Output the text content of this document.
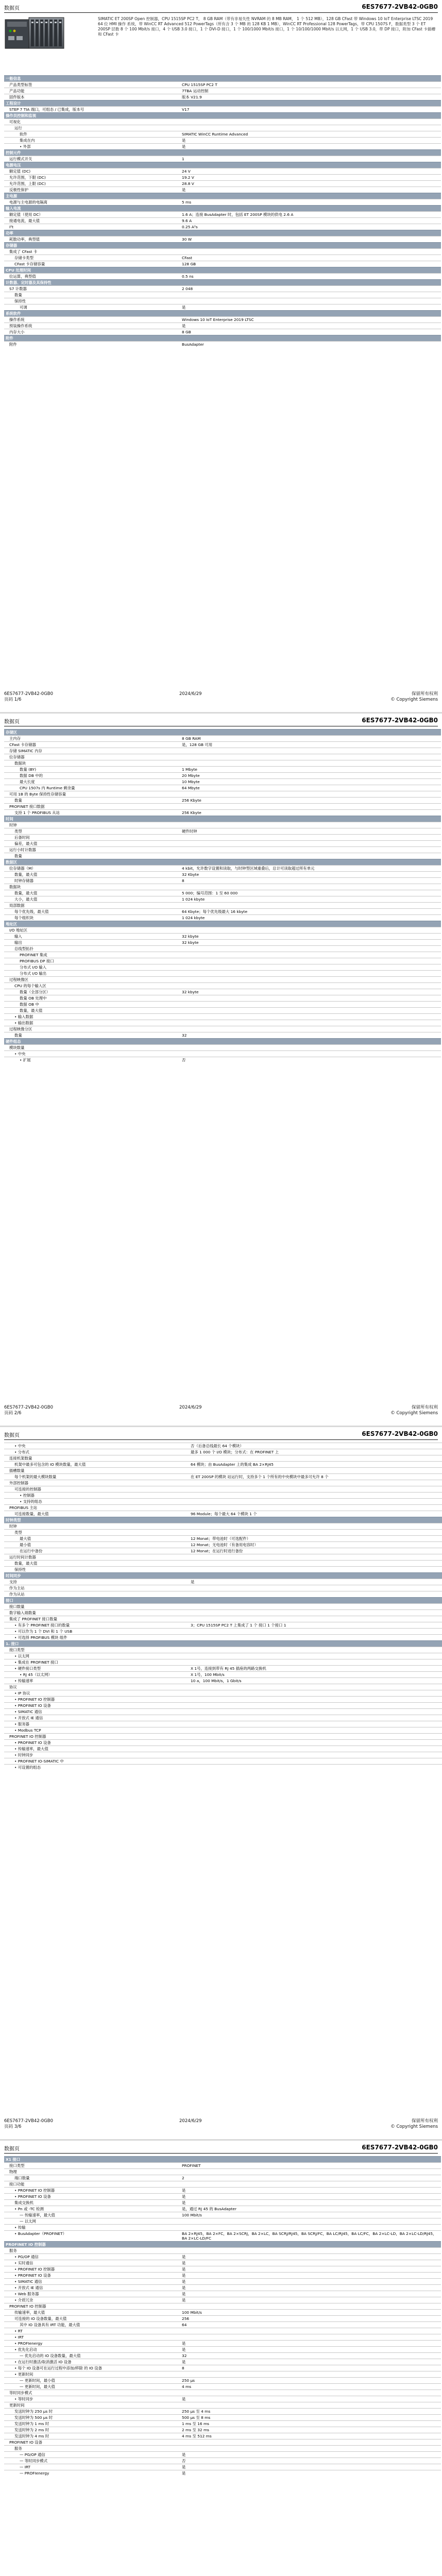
数据页	6ES7677-2VB42-0GB0
SIMATIC ET 200SP Open 控制器，CPU 1515SP PC2 T， 8 GB RAM（带有非易失性 NVRAM 的 8 MB RAM， 1 个 512 MB），128 GB CFast 带 Windows 10 IoT Enterprise LTSC 2019 64 位 HMI 操作 系统，带 WinCC RT Advanced 512 PowerTags（所有含 3 个 MB 的 128 KB 1 MB），WinCC RT Professional 128 PowerTags，带 CPU 1507S F，数据类型 3 个 ET 200SP 层数 8 个 100 Mbit/s 接口，4 个 USB 3.0 接口，1 个 DVI-D 接口，1 个 100/1000 Mbit/s 接口，1 个 10/100/1000 Mbit/s 以太网，1 个 USB 3.0，带 DP 接口，附加 CFast 卡插槽和 CFast 卡
一般信息	
产品类型标签	CPU 1515SP PC2 T
产品功能	7TBA 运动控制
固件版本	版本 V21.9
工程设计	
STEP 7 TIA 端口，可组态 / 已集成，版本号	V17
操作员控制和监视	
可视化	
运行	
软件	SIMATIC WinCC Runtime Advanced
集成在内	是
• 外部	是
控制元件	
运行模式开关	1
电源电压	
额定值 (DC)	24 V
允许范围，下限 (DC)	19.2 V
允许范围，上限 (DC)	28.8 V
反极性保护	是
主电源	
电源与主电源的电隔离	5 ms
输入电流	
额定值（使用 DC）	1.6 A；连接 BusAdapter 时，包括 ET 200SP 模块的供电 2.6 A
接通电流，最大值	9.6 A
I²t	0.25 A²s
功率	
耗散功率，典型值	30 W
存储器	
集成了 CFast 卡	
存储卡类型	CFast
CFast 卡存储容量	128 GB
CPU 处理时间	
位运算，典型值	0.5 ns
计数器、定时器及其保持性	
S7 计数器	2 048
数量	
保持性	
可调	是
系统软件	
操作系统	Windows 10 IoT Enterprise 2019 LTSC
预装操作系统	是
内存大小	8 GB
附件	
附件	BusAdapter
6ES7677-2VB42-0GB0
页码 1/6
2024/6/29	保留所有权利
© Copyright Siemens
数据页	6ES7677-2VB42-0GB0
存储区	
主内存	8 GB RAM
CFast 卡存储器	是，128 GB 可用
存储 SIMATIC 内存	
位存储器	
数据块	
数量 (BY)	1 Mbyte
数据 DB 中的	20 Mbyte
最大长度	10 Mbyte
CPU 1507s 内 Runtime 剩余量	64 Mbyte
可用 1B 的 Byte 保持性存储容量	
数量	256 Kbyte
PROFINET 接口数据	
支持 1 个 PROFIBUS 从站	256 Kbyte
时间	
时钟	
类型	硬件时钟
后备时间	
偏差，最大值	
运行小时计数器	
数量	
数据区	
位存储器（M）	4 kbit，允许数字设置和读取，与时钟型区域重叠后，总计可读取超过所有单元
数量，最大值	32 Kbyte
时钟存储器	8
数据块	
数量，最大值	5 000；编号范围：1 至 60 000
大小，最大值	1 024 kbyte
局部数据	
每个优先级，最大值	64 Kbyte；每个优先级最大 16 kbyte
每个组织块	1 024 kbyte
地址区	
I/O 地址区	
输入	32 kbyte
输出	32 kbyte
总线型拓扑	
PROFINET 集成	
PROFIBUS DP 接口	
分布式 I/O 输入	
分布式 I/O 输出	
过程映像区	
CPU 的每个输入区	
数量（全部分区）	32 kbyte
数量 OB 处理中	
数据 OB 中	
数量，最大值	
• 输入数据	
• 输出数据	
过程映像分区	
数量	32
硬件组态	
模块数量	
• 中央	
• 扩展	否
6ES7677-2VB42-0GB0
页码 2/6
2024/6/29	保留所有权利
© Copyright Siemens
数据页	6ES7677-2VB42-0GB0
• 中央	否（后备总线最长 64 个模块）
• 分布式	最多 1 000 个 I/O 模块；分布式：在 PROFINET 上
连接机架数量	
机架中最多可包含的 IO 模块数量，最大值	64 模块；由 BusAdapter 上的集成 BA 2×RJ45
插槽数量	
每个机架的最大模块数量	在 ET 200SP 的模块 站运行时，支持多个 1 个所有的中央模块中最多可允许 8 个
外部控制器	
可连接的控制器	
• 控制器	
• 支持的组态	
PROFIBUS 主站	
可连接数量，最大值	96 Module；每个最大 64 个模块 1 个
时钟类型	
时钟	
类型	
最大值	12 Monat；带电池时（可选配件）
最小值	12 Monat；无电池时（有备用电容时）
在运行中备份	12 Monat；在运行时进行备份
运行时间计数器	
数量，最大值	
保持性	
时间同步	
支持	是
作为主站	
作为从站	
接口	
接口数量	
数字输入端数量	
集成了 PROFINET 接口数量	
• 有多个 PROFINET 接口的数量	3；CPU 1515SP PC2 T 上集成了 1 个 接口 1 个接口 1
• 可以作为 1 个 DVI 和 1 个 USB	
• 可选择 PROFIBUS 模块 组件	
1. 接口	
接口类型	
• 以太网	
• 集成在 PROFINET 接口	
• 硬件接口类型	X 1号，连接到带有 RJ 45 插座的两路交换机
• RJ 45（以太网）	X 1号，100 Mbit/s
• 传输速率	10 a，100 Mbit/s，1 Gbit/s
协议	
• IP 协议	
• PROFINET IO 控制器	
• PROFINET IO 设备	
• SIMATIC 通信	
• 开放式 IE 通信	
• 服务器	
• Modbus TCP	
PROFINET IO 控制器	
• PROFINET IO 设备	
• 传输速率，最大值	
• 时钟同步	
• PROFINET IO-SIMATIC 中	
• 可设置的组态	
6ES7677-2VB42-0GB0
页码 3/6
2024/6/29	保留所有权利
© Copyright Siemens
数据页	6ES7677-2VB42-0GB0
X1 接口	
接口类型	PROFINET
物理	
端口数量	2
接口功能	
• PROFINET IO 控制器	是
• PROFINET IO 设备	是
集成交换机	是
• Pn 或 -TC 检测	是，通过 RJ 45 的 BusAdapter
— 传输速率，最大值	100 Mbit/s
— 以太网	
• 传输	
• BusAdapter（PROFINET）	BA 2×RJ45，BA 2×FC，BA 2×SCRJ，BA 2×LC，BA SCRJ/RJ45，BA SCRJ/FC，BA LC/RJ45，BA LC/FC，BA 2×LC-LD，BA 2×LC-LD/RJ45，BA 2×LC-LD/FC
PROFINET IO 控制器	
服务	
• PG/OP 通信	是
• 实时通信	是
• PROFINET IO 控制器	是
• PROFINET IO 设备	是
• SIMATIC 通信	是
• 开放式 IE 通信	是
• Web 服务器	是
• 介质冗余	是
PROFINET IO 控制器	
传输速率，最大值	100 Mbit/s
可连接的 IO 设备数量，最大值	256
其中 IO 设备具有 IRT 功能，最大值	64
• RT	
• IRT	
• PROFIenergy	是
• 优先化启动	是
— 优先启动的 IO 设备数量，最大值	32
• 在运行时激活/取消激活 IO 设备	是
• 每个 IO 设备可在运行过程中添加/移除 的 IO 设备	8
• 更新时间	
— 更新时间，最小值	250 µs
— 更新时间，最大值	4 ms
等时同步模式	
• 等时同步	是
更新时间	
发送时钟为 250 µs 时	250 µs 至 4 ms
发送时钟为 500 µs 时	500 µs 至 8 ms
发送时钟为 1 ms 时	1 ms 至 16 ms
发送时钟为 2 ms 时	2 ms 至 32 ms
发送时钟为 4 ms 时	4 ms 至 512 ms
PROFINET IO 设备	
服务	
— PG/OP 通信	是
— 等时同步模式	否
— IRT	是
— PROFIenergy	是
